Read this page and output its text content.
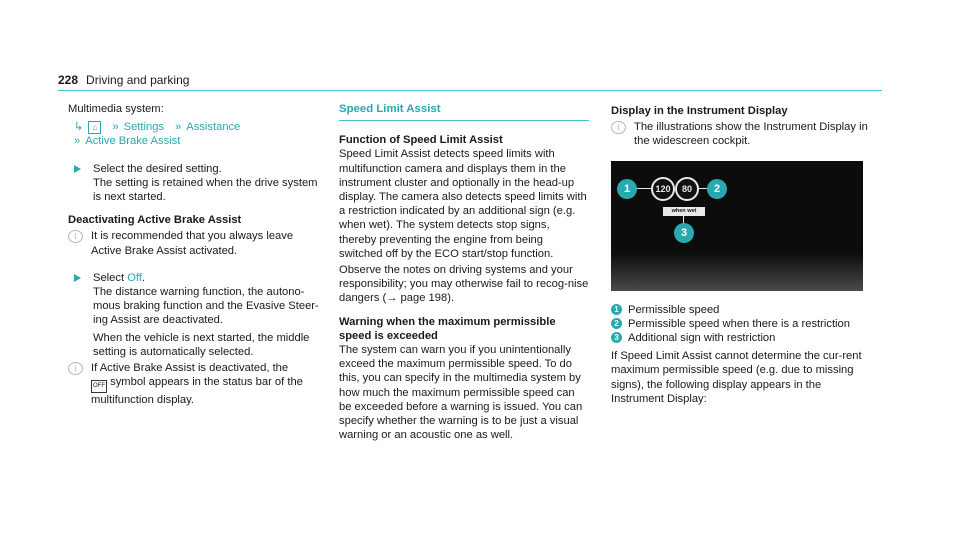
228 Driving and parking

Multimedia system:

↳	⌂	» Settings » Assistance

» Active Brake Assist

Select the desired setting.

The setting is retained when the drive system is next started.

Deactivating Active Brake Assist

i	It is recommended that you always leave Active Brake Assist activated.

Select Off.

The distance warning function, the autono-mous braking function and the Evasive Steer-ing Assist are deactivated.

When the vehicle is next started, the middle setting is automatically selected.

i	If Active Brake Assist is deactivated, the
OFF symbol appears in the status bar of the multifunction display.

Speed Limit Assist

Function of Speed Limit Assist

Speed Limit Assist detects speed limits with multifunction camera and displays them in the instrument cluster and optionally in the head-up display. The camera also detects speed limits with a restriction indicated by an additional sign (e.g. when wet). The system detects stop signs, thereby preventing the engine from being switched off by the ECO start/stop function.

Observe the notes on driving systems and your responsibility; you may otherwise fail to recog-nise dangers (→ page 198).

Warning when the maximum permissible speed is exceeded

The system can warn you if you unintentionally exceed the maximum permissible speed. To do this, you can specify in the multimedia system by how much the maximum permissible speed can be exceeded before a warning is issued. You can specify whether the warning is to be just a visual warning or an acoustic one as well.

Display in the Instrument Display

i	The illustrations show the Instrument Display in the widescreen cockpit.

1	120	80	2
when wet
3

1 Permissible speed

2 Permissible speed when there is a restriction

3 Additional sign with restriction

If Speed Limit Assist cannot determine the cur-rent maximum permissible speed (e.g. due to missing signs), the following display appears in the Instrument Display:
